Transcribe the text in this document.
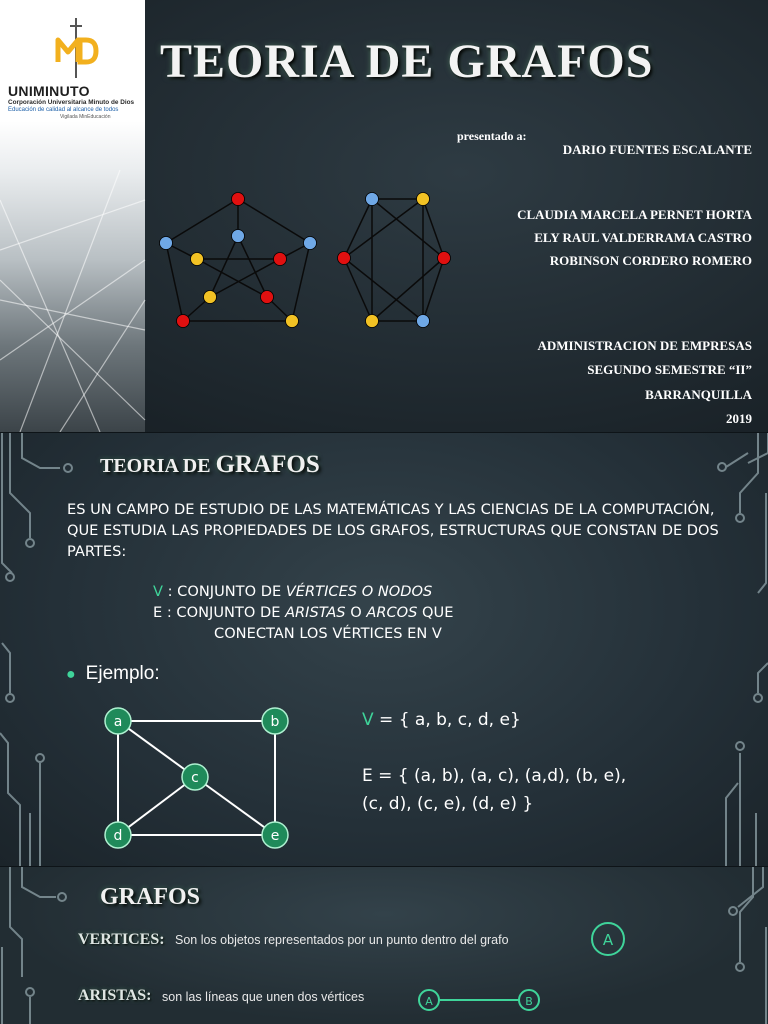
UNIMINUTO
Corporación Universitaria Minuto de Dios
Educación de calidad al alcance de todos
Vigilada MinEducación
TEORIA DE GRAFOS
presentado a:
DARIO FUENTES ESCALANTE
CLAUDIA MARCELA PERNET HORTA
ELY RAUL VALDERRAMA CASTRO
ROBINSON CORDERO ROMERO
ADMINISTRACION DE EMPRESAS
SEGUNDO SEMESTRE “II”
BARRANQUILLA
2019
TEORIA DE GRAFOS
ES UN CAMPO DE ESTUDIO DE LAS MATEMÁTICAS Y LAS CIENCIAS DE LA COMPUTACIÓN, QUE ESTUDIA LAS PROPIEDADES DE LOS GRAFOS, ESTRUCTURAS QUE CONSTAN DE DOS PARTES:
V : CONJUNTO DE VÉRTICES O NODOS
E : CONJUNTO DE ARISTAS O ARCOS QUE
CONECTAN LOS VÉRTICES EN V
● Ejemplo:
a	b
c
d	e
V = { a, b, c, d, e}
E = { (a, b), (a, c), (a,d), (b, e),
(c, d), (c, e), (d, e) }
GRAFOS
VERTICES: Son los objetos representados por un punto dentro del grafo	A
ARISTAS: son las líneas que unen dos vértices	A	B
